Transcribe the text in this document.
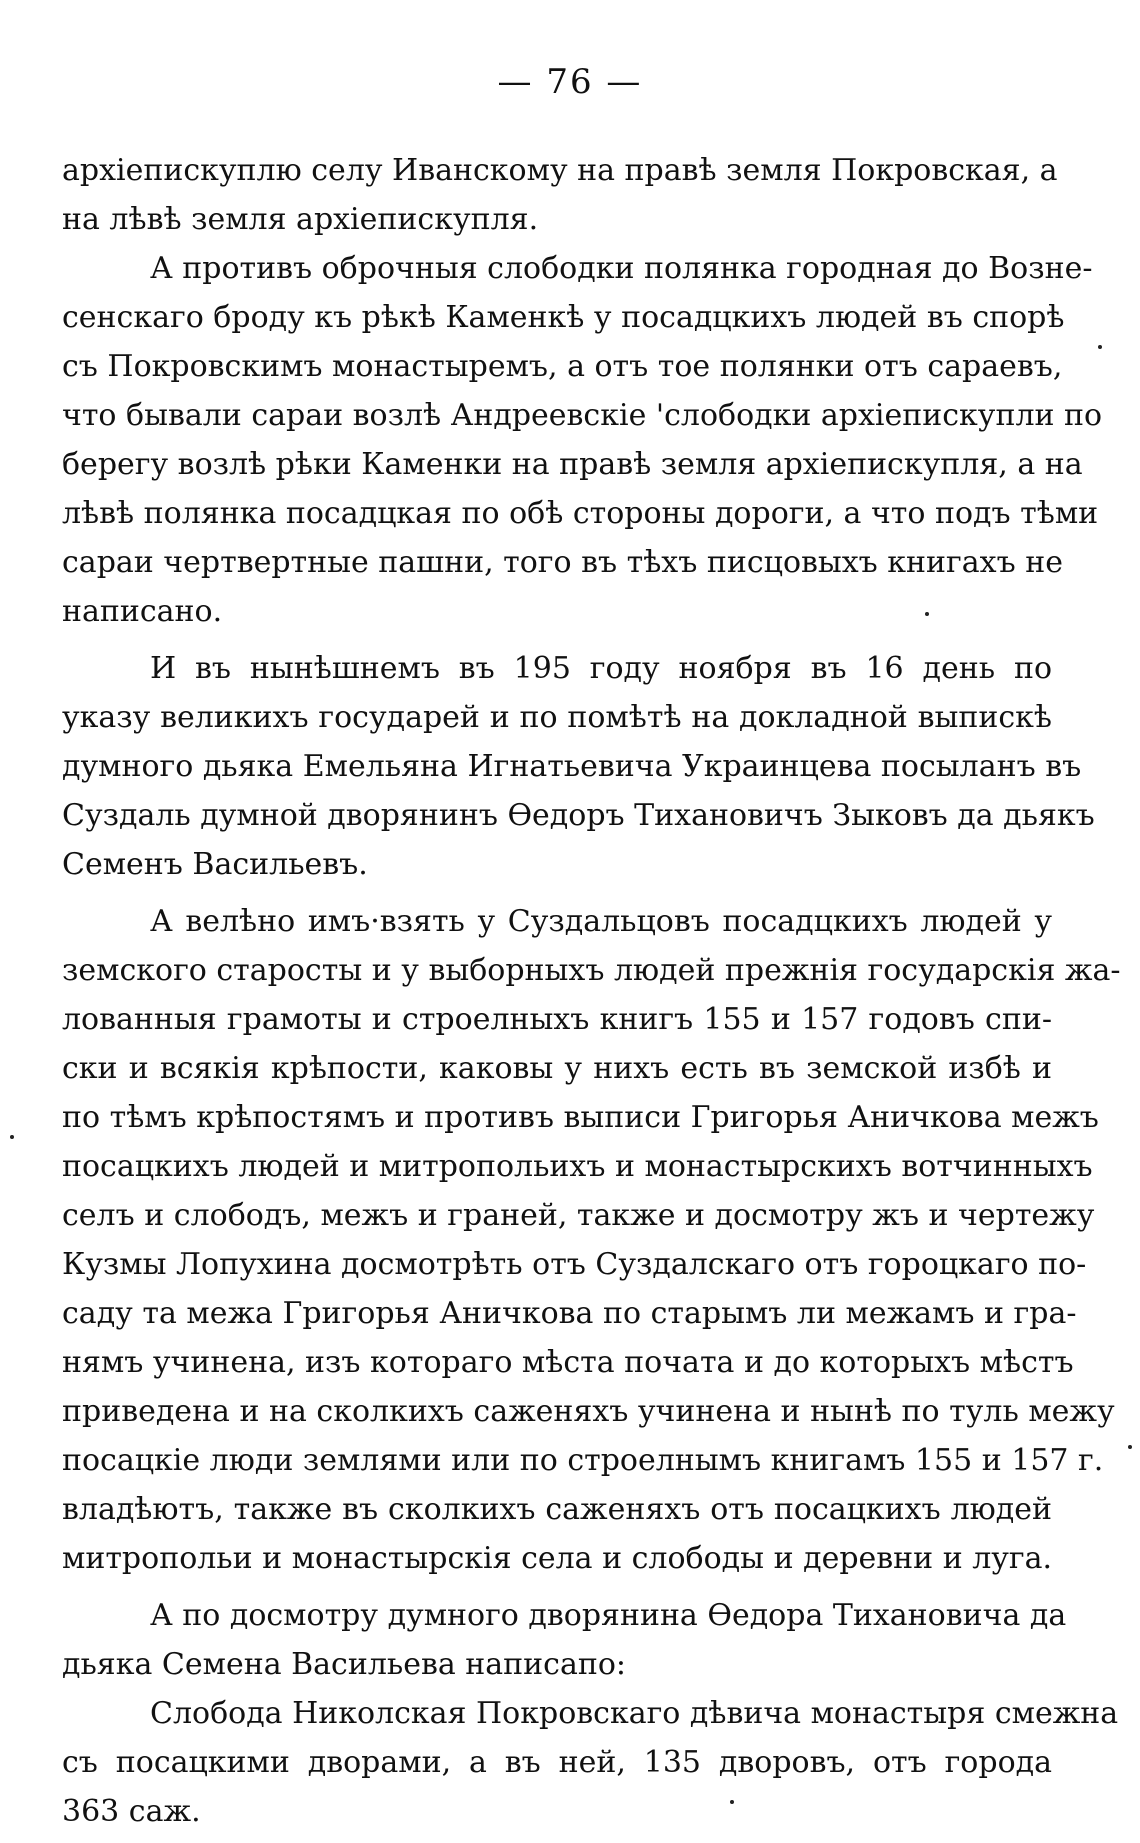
— 76 —
архіепискуплю селу Иванскому на правѣ земля Покровская, а
на лѣвѣ земля архіепискупля.
А противъ оброчныя слободки полянка городная до Возне-
сенскаго броду къ рѣкѣ Каменкѣ у посадцкихъ людей въ спорѣ
съ Покровскимъ монастыремъ, а отъ тое полянки отъ сараевъ,
что бывали сараи возлѣ Андреевскіе 'слободки архіепискупли по
берегу возлѣ рѣки Каменки на правѣ земля архіепискупля, а на
лѣвѣ полянка посадцкая по обѣ стороны дороги, а что подъ тѣми
сараи чертвертные пашни, того въ тѣхъ писцовыхъ книгахъ не
написано.
И въ нынѣшнемъ въ 195 году ноября въ 16 день по
указу великихъ государей и по помѣтѣ на докладной выпискѣ
думного дьяка Емельяна Игнатьевича Украинцева посыланъ въ
Суздаль думной дворянинъ Ѳедоръ Тихановичъ Зыковъ да дьякъ
Семенъ Васильевъ.
А велѣно имъ·взять у Суздальцовъ посадцкихъ людей у
земского старосты и у выборныхъ людей прежнія государскія жа-
лованныя грамоты и строелныхъ книгъ 155 и 157 годовъ спи-
ски и всякія крѣпости, каковы у нихъ есть въ земской избѣ и
по тѣмъ крѣпостямъ и противъ выписи Григорья Аничкова межъ
посацкихъ людей и митропольихъ и монастырскихъ вотчинныхъ
селъ и слободъ, межъ и граней, также и досмотру жъ и чертежу
Кузмы Лопухина досмотрѣть отъ Суздалскаго отъ гороцкаго по-
саду та межа Григорья Аничкова по старымъ ли межамъ и гра-
нямъ учинена, изъ котораго мѣста почата и до которыхъ мѣстъ
приведена и на сколкихъ саженяхъ учинена и нынѣ по туль межу
посацкіе люди землями или по строелнымъ книгамъ 155 и 157 г.
владѣютъ, также въ сколкихъ саженяхъ отъ посацкихъ людей
митропольи и монастырскія села и слободы и деревни и луга.
А по досмотру думного дворянина Ѳедора Тихановича да
дьяка Семена Васильева написапо:
Слобода Николская Покровскаго дѣвича монастыря смежна
съ посацкими дворами, а въ ней, 135 дворовъ, отъ города
363 саж.
